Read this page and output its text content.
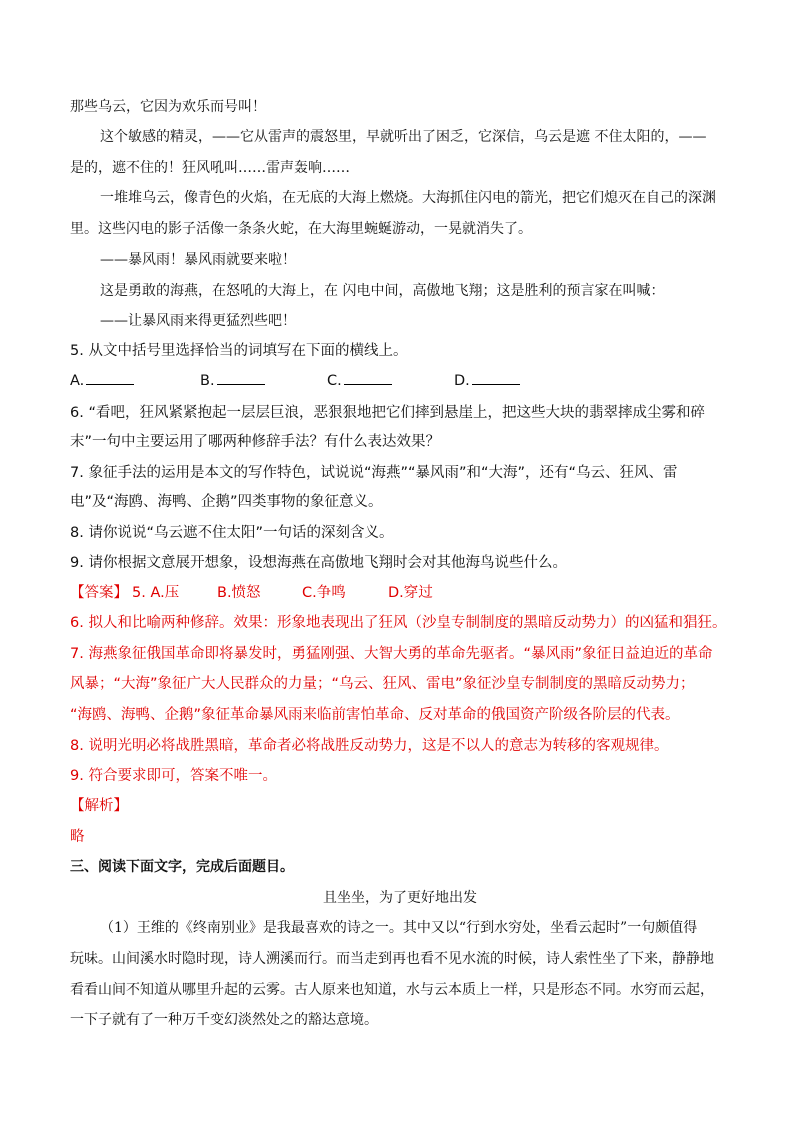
那些乌云，它因为欢乐而号叫！
这个敏感的精灵，——它从雷声的震怒里，早就听出了困乏，它深信，乌云是遮 不住太阳的，——
是的，遮不住的！狂风吼叫……雷声轰响……
一堆堆乌云，像青色的火焰，在无底的大海上燃烧。大海抓住闪电的箭光，把它们熄灭在自己的深渊
里。这些闪电的影子活像一条条火蛇，在大海里蜿蜒游动，一晃就消失了。
——暴风雨！暴风雨就要来啦！
这是勇敢的海燕，在怒吼的大海上，在 闪电中间，高傲地飞翔；这是胜利的预言家在叫喊：
——让暴风雨来得更猛烈些吧！
5. 从文中括号里选择恰当的词填写在下面的横线上。
A.	B.	C.	D.
6. “看吧，狂风紧紧抱起一层层巨浪，恶狠狠地把它们摔到悬崖上，把这些大块的翡翠摔成尘雾和碎
末”一句中主要运用了哪两种修辞手法？有什么表达效果？
7. 象征手法的运用是本文的写作特色，试说说“海燕”“暴风雨”和“大海”，还有“乌云、狂风、雷
电”及“海鸥、海鸭、企鹅”四类事物的象征意义。
8. 请你说说“乌云遮不住太阳”一句话的深刻含义。
9. 请你根据文意展开想象，设想海燕在高傲地飞翔时会对其他海鸟说些什么。
【答案】 5. A.压	B.愤怒	C.争鸣	D.穿过
6. 拟人和比喻两种修辞。效果：形象地表现出了狂风（沙皇专制制度的黑暗反动势力）的凶猛和猖狂。
7. 海燕象征俄国革命即将暴发时，勇猛刚强、大智大勇的革命先驱者。“暴风雨”象征日益迫近的革命
风暴；“大海”象征广大人民群众的力量；“乌云、狂风、雷电”象征沙皇专制制度的黑暗反动势力；
“海鸥、海鸭、企鹅”象征革命暴风雨来临前害怕革命、反对革命的俄国资产阶级各阶层的代表。
8. 说明光明必将战胜黑暗，革命者必将战胜反动势力，这是不以人的意志为转移的客观规律。
9. 符合要求即可，答案不唯一。
【解析】
略
三、阅读下面文字，完成后面题目。
且坐坐，为了更好地出发
（1）王维的《终南别业》是我最喜欢的诗之一。其中又以“行到水穷处，坐看云起时”一句颇值得
玩味。山间溪水时隐时现，诗人溯溪而行。而当走到再也看不见水流的时候，诗人索性坐了下来，静静地
看看山间不知道从哪里升起的云雾。古人原来也知道，水与云本质上一样，只是形态不同。水穷而云起，
一下子就有了一种万千变幻淡然处之的豁达意境。
